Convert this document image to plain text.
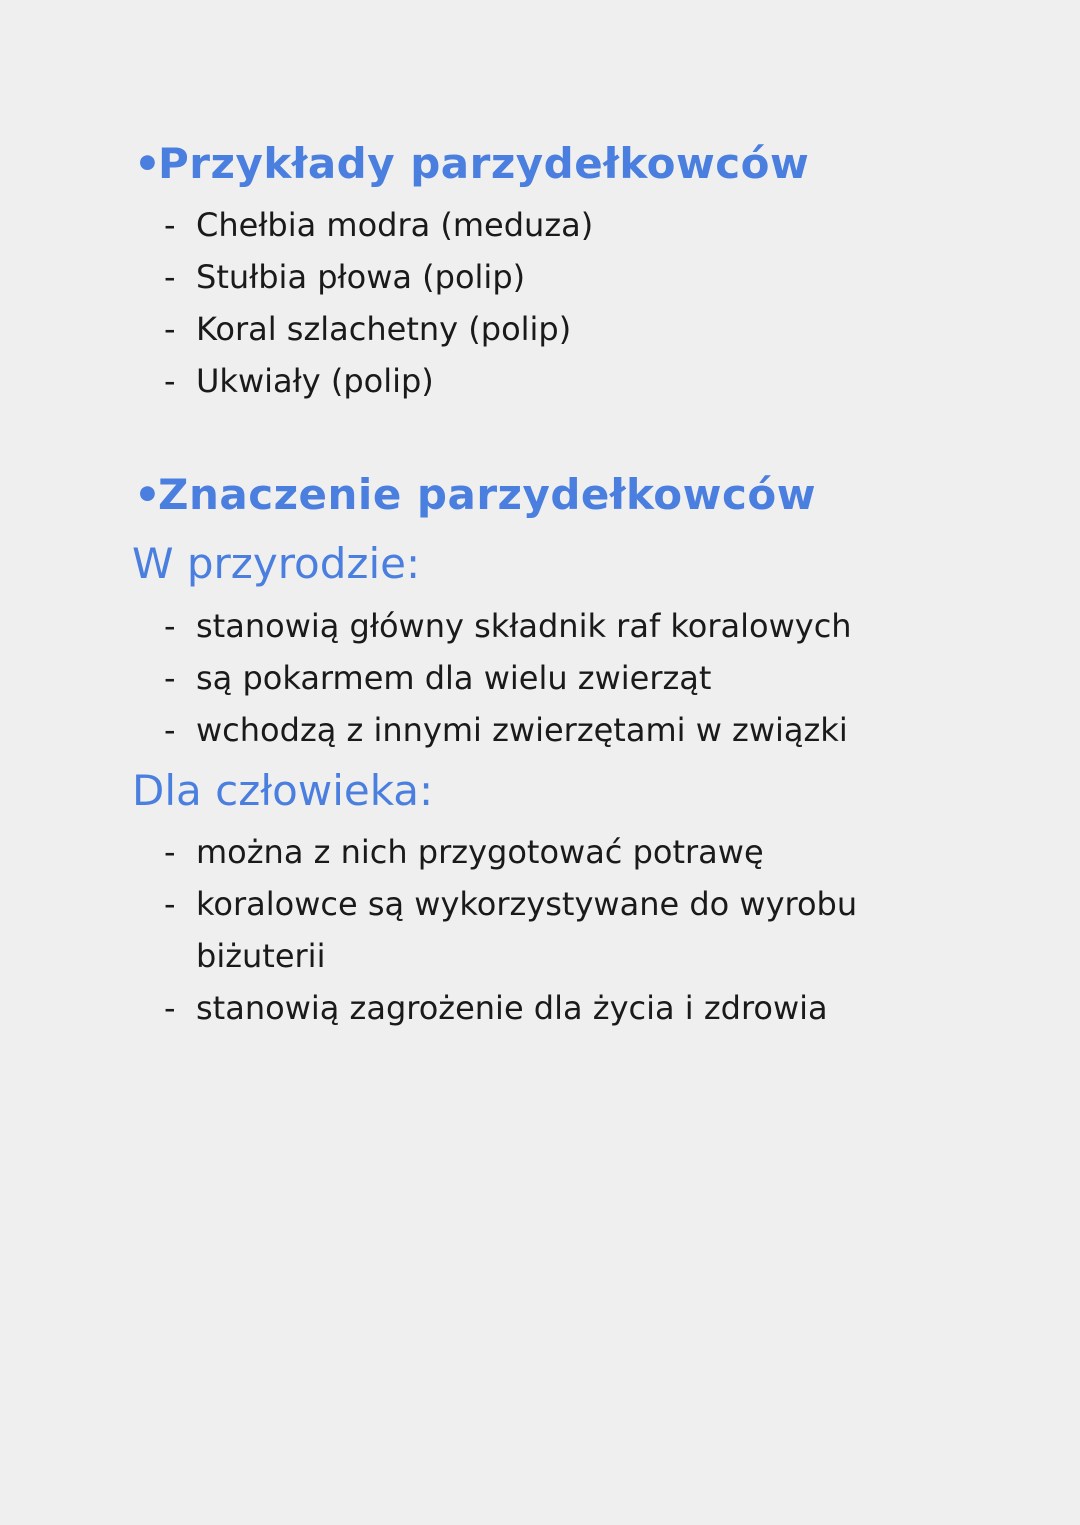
•Przykłady parzydełkowców
- Chełbia modra (meduza)
- Stułbia płowa (polip)
- Koral szlachetny (polip)
- Ukwiały (polip)
•Znaczenie parzydełkowców
W przyrodzie:
- stanowią główny składnik raf koralowych
- są pokarmem dla wielu zwierząt
- wchodzą z innymi zwierzętami w związki
Dla człowieka:
- można z nich przygotować potrawę
- koralowce są wykorzystywane do wyrobu
biżuterii
- stanowią zagrożenie dla życia i zdrowia
